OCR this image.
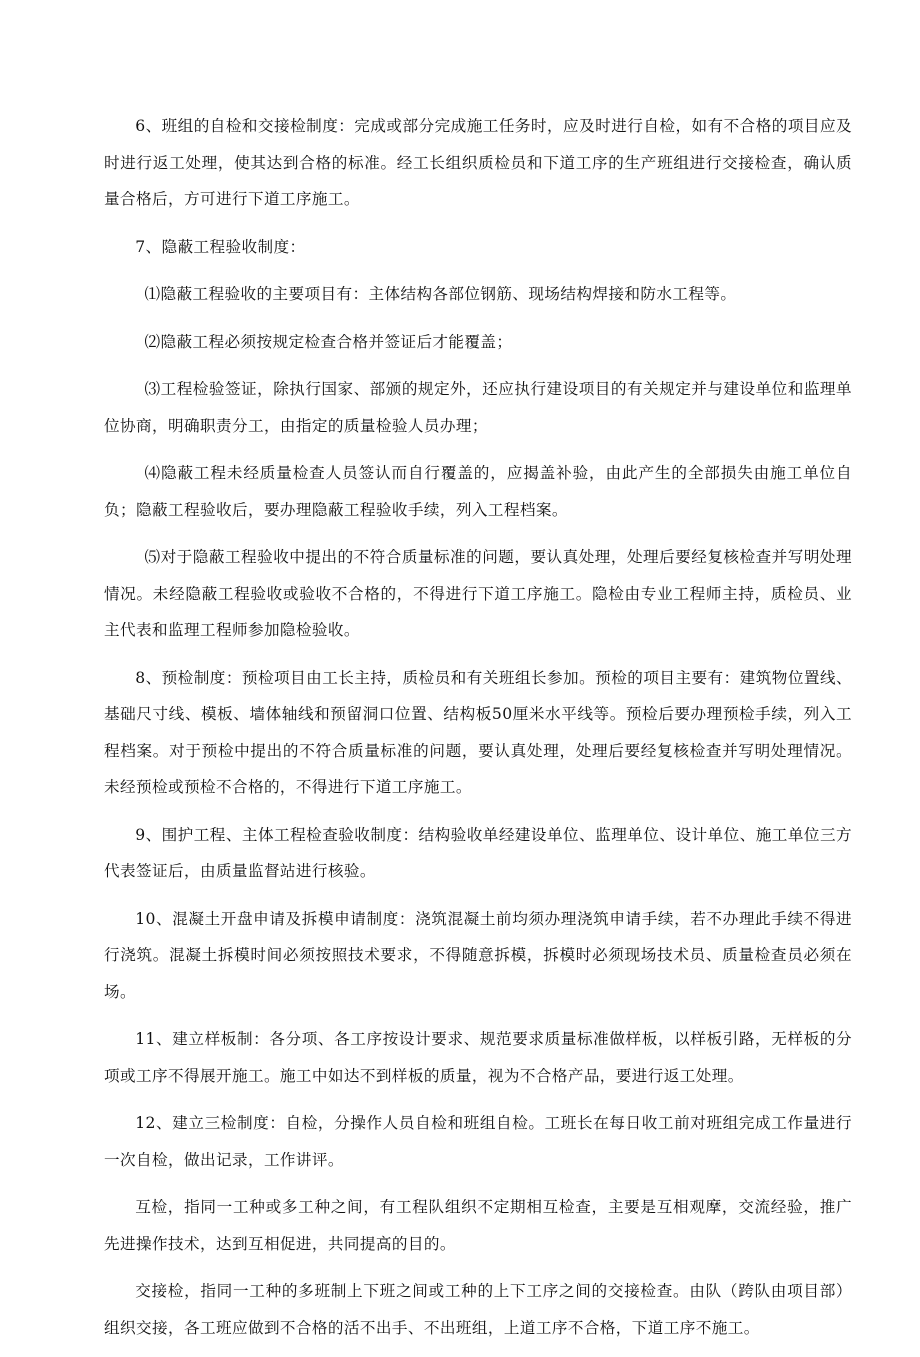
6、班组的自检和交接检制度：完成或部分完成施工任务时，应及时进行自检，如有不合格的项目应及时进行返工处理，使其达到合格的标准。经工长组织质检员和下道工序的生产班组进行交接检查，确认质量合格后，方可进行下道工序施工。

7、隐蔽工程验收制度：

⑴隐蔽工程验收的主要项目有：主体结构各部位钢筋、现场结构焊接和防水工程等。

⑵隐蔽工程必须按规定检查合格并签证后才能覆盖；

⑶工程检验签证，除执行国家、部颁的规定外，还应执行建设项目的有关规定并与建设单位和监理单位协商，明确职责分工，由指定的质量检验人员办理；

⑷隐蔽工程未经质量检查人员签认而自行覆盖的，应揭盖补验，由此产生的全部损失由施工单位自负；隐蔽工程验收后，要办理隐蔽工程验收手续，列入工程档案。

⑸对于隐蔽工程验收中提出的不符合质量标准的问题，要认真处理，处理后要经复核检查并写明处理情况。未经隐蔽工程验收或验收不合格的，不得进行下道工序施工。隐检由专业工程师主持，质检员、业主代表和监理工程师参加隐检验收。

8、预检制度：预检项目由工长主持，质检员和有关班组长参加。预检的项目主要有：建筑物位置线、基础尺寸线、模板、墙体轴线和预留洞口位置、结构板50厘米水平线等。预检后要办理预检手续，列入工程档案。对于预检中提出的不符合质量标准的问题，要认真处理，处理后要经复核检查并写明处理情况。未经预检或预检不合格的，不得进行下道工序施工。

9、围护工程、主体工程检查验收制度：结构验收单经建设单位、监理单位、设计单位、施工单位三方代表签证后，由质量监督站进行核验。

10、混凝土开盘申请及拆模申请制度：浇筑混凝土前均须办理浇筑申请手续，若不办理此手续不得进行浇筑。混凝土拆模时间必须按照技术要求，不得随意拆模，拆模时必须现场技术员、质量检查员必须在场。

11、建立样板制：各分项、各工序按设计要求、规范要求质量标准做样板，以样板引路，无样板的分项或工序不得展开施工。施工中如达不到样板的质量，视为不合格产品，要进行返工处理。

12、建立三检制度：自检，分操作人员自检和班组自检。工班长在每日收工前对班组完成工作量进行一次自检，做出记录，工作讲评。

互检，指同一工种或多工种之间，有工程队组织不定期相互检查，主要是互相观摩，交流经验，推广先进操作技术，达到互相促进，共同提高的目的。

交接检，指同一工种的多班制上下班之间或工种的上下工序之间的交接检查。由队（跨队由项目部）组织交接，各工班应做到不合格的活不出手、不出班组，上道工序不合格，下道工序不施工。
